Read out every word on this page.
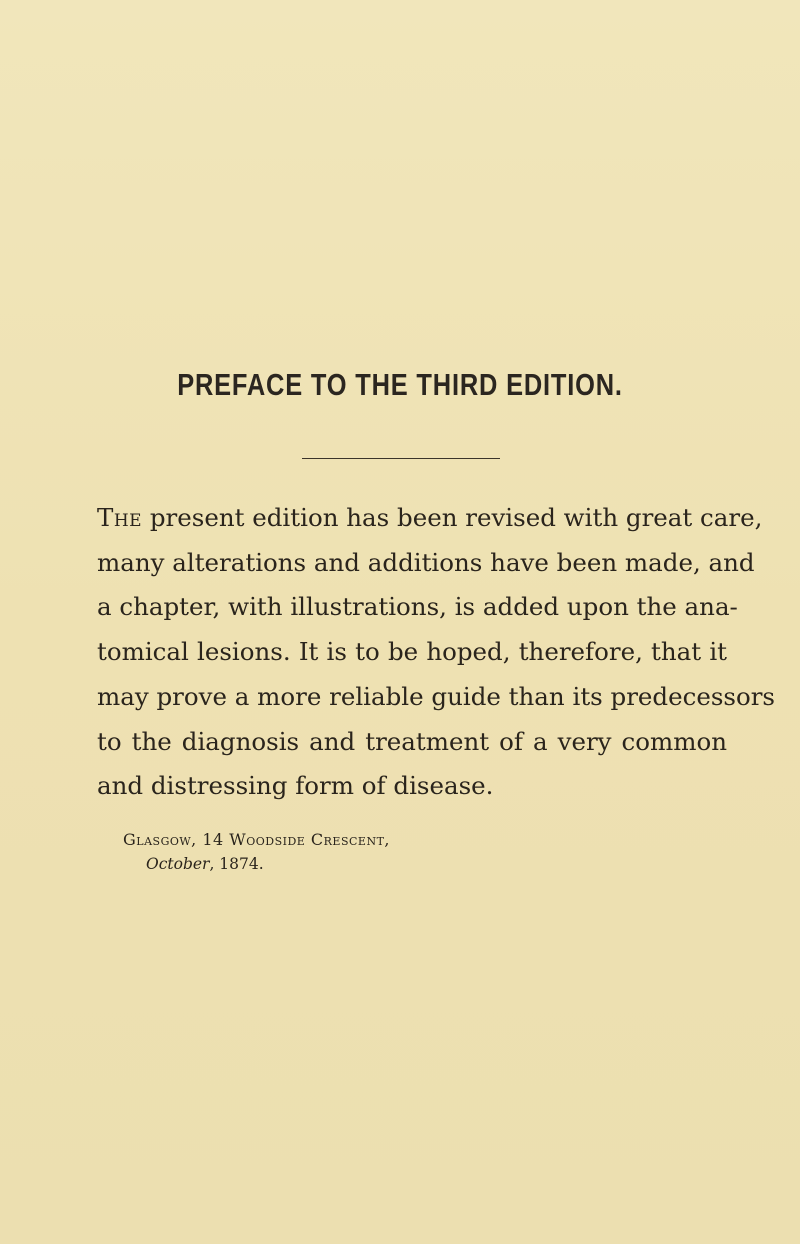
PREFACE TO THE THIRD EDITION.
The present edition has been revised with great care,
many alterations and additions have been made, and
a chapter, with illustrations, is added upon the ana-
tomical lesions. It is to be hoped, therefore, that it
may prove a more reliable guide than its predecessors
to the diagnosis and treatment of a very common
and distressing form of disease.
Glasgow, 14 Woodside Crescent,
October, 1874.
